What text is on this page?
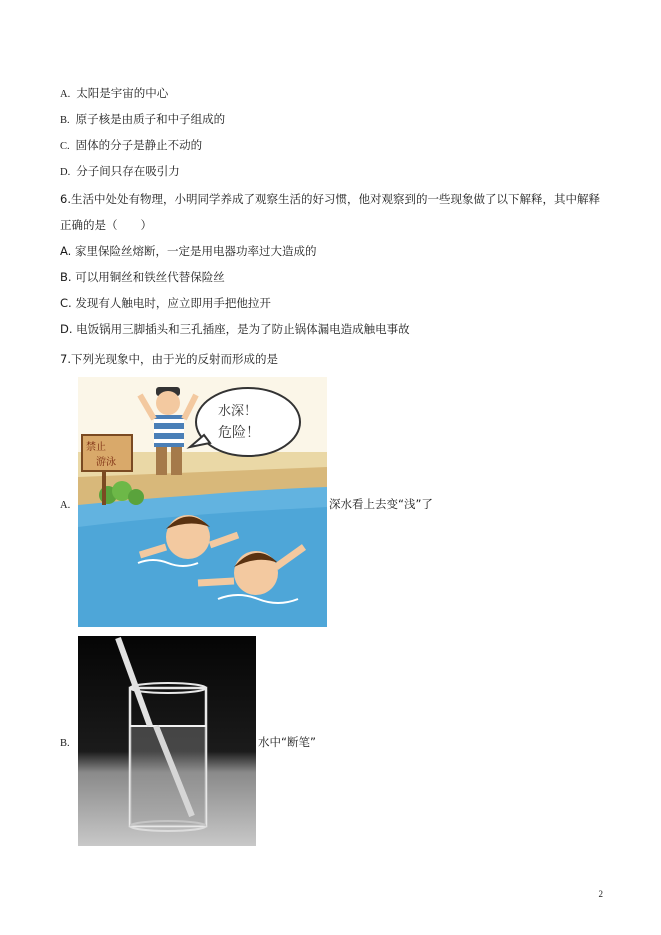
A. 太阳是宇宙的中心
B. 原子核是由质子和中子组成的
C. 固体的分子是静止不动的
D. 分子间只存在吸引力
6.生活中处处有物理，小明同学养成了观察生活的好习惯，他对观察到的一些现象做了以下解释，其中解释
正确的是（　　）
A. 家里保险丝熔断，一定是用电器功率过大造成的
B. 可以用铜丝和铁丝代替保险丝
C. 发现有人触电时，应立即用手把他拉开
D. 电饭锅用三脚插头和三孔插座，是为了防止锅体漏电造成触电事故
7.下列光现象中，由于光的反射而形成的是
A.
禁止
游泳
水深！
危险！
深水看上去变“浅”了
B.	水中“断笔”
2
